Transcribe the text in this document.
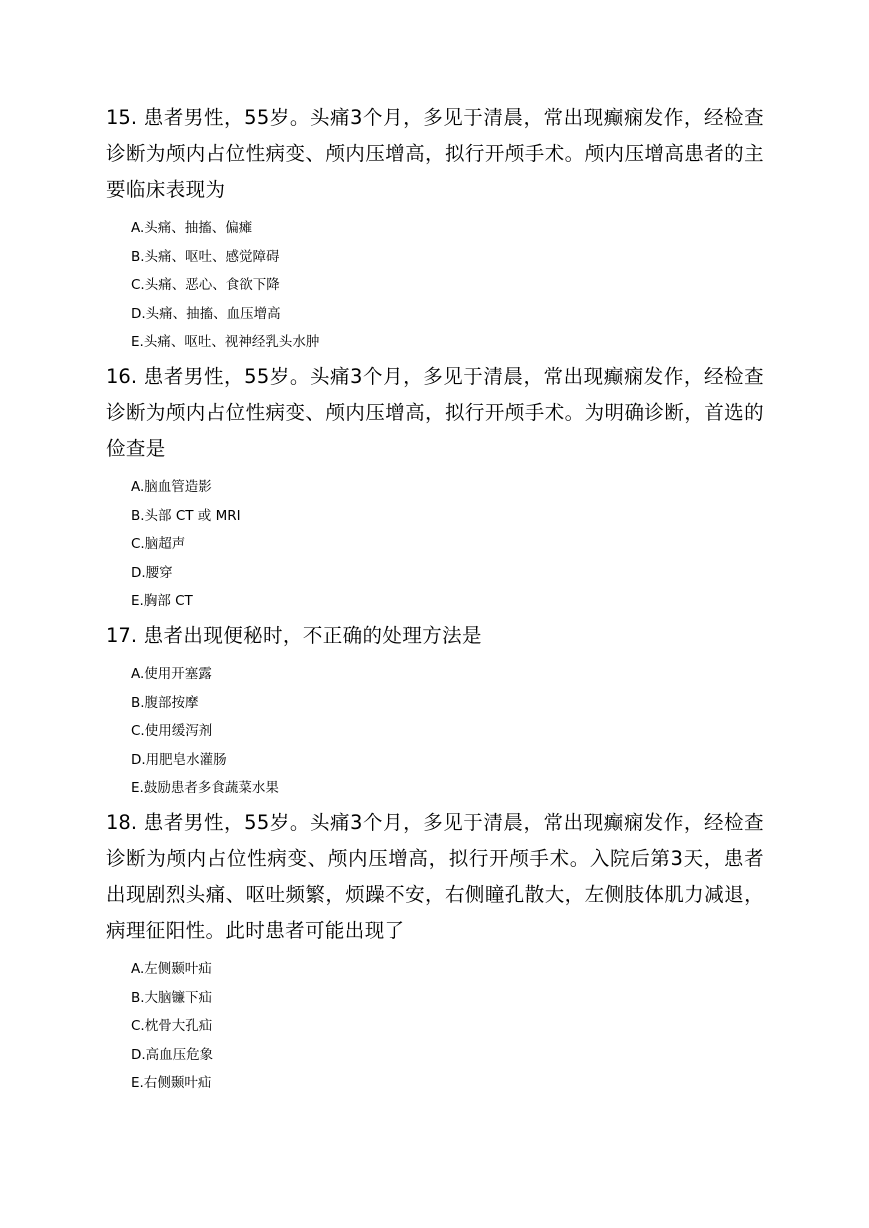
15. 患者男性，55岁。头痛3个月，多见于清晨，常出现癫痫发作，经检查诊断为颅内占位性病变、颅内压增高，拟行开颅手术。颅内压增高患者的主要临床表现为

A.头痛、抽搐、偏瘫
B.头痛、呕吐、感觉障碍
C.头痛、恶心、食欲下降
D.头痛、抽搐、血压增高
E.头痛、呕吐、视神经乳头水肿

16. 患者男性，55岁。头痛3个月，多见于清晨，常出现癫痫发作，经检查诊断为颅内占位性病变、颅内压增高，拟行开颅手术。为明确诊断，首选的俭查是

A.脑血管造影
B.头部 CT 或 MRI
C.脑超声
D.腰穿
E.胸部 CT

17. 患者出现便秘时，不正确的处理方法是

A.使用开塞露
B.腹部按摩
C.使用缓泻剂
D.用肥皂水灌肠
E.鼓励患者多食蔬菜水果

18. 患者男性，55岁。头痛3个月，多见于清晨，常出现癫痫发作，经检查诊断为颅内占位性病变、颅内压增高，拟行开颅手术。入院后第3天，患者出现剧烈头痛、呕吐频繁，烦躁不安，右侧瞳孔散大，左侧肢体肌力减退，病理征阳性。此时患者可能出现了

A.左侧颞叶疝
B.大脑镰下疝
C.枕骨大孔疝
D.高血压危象
E.右侧颞叶疝
